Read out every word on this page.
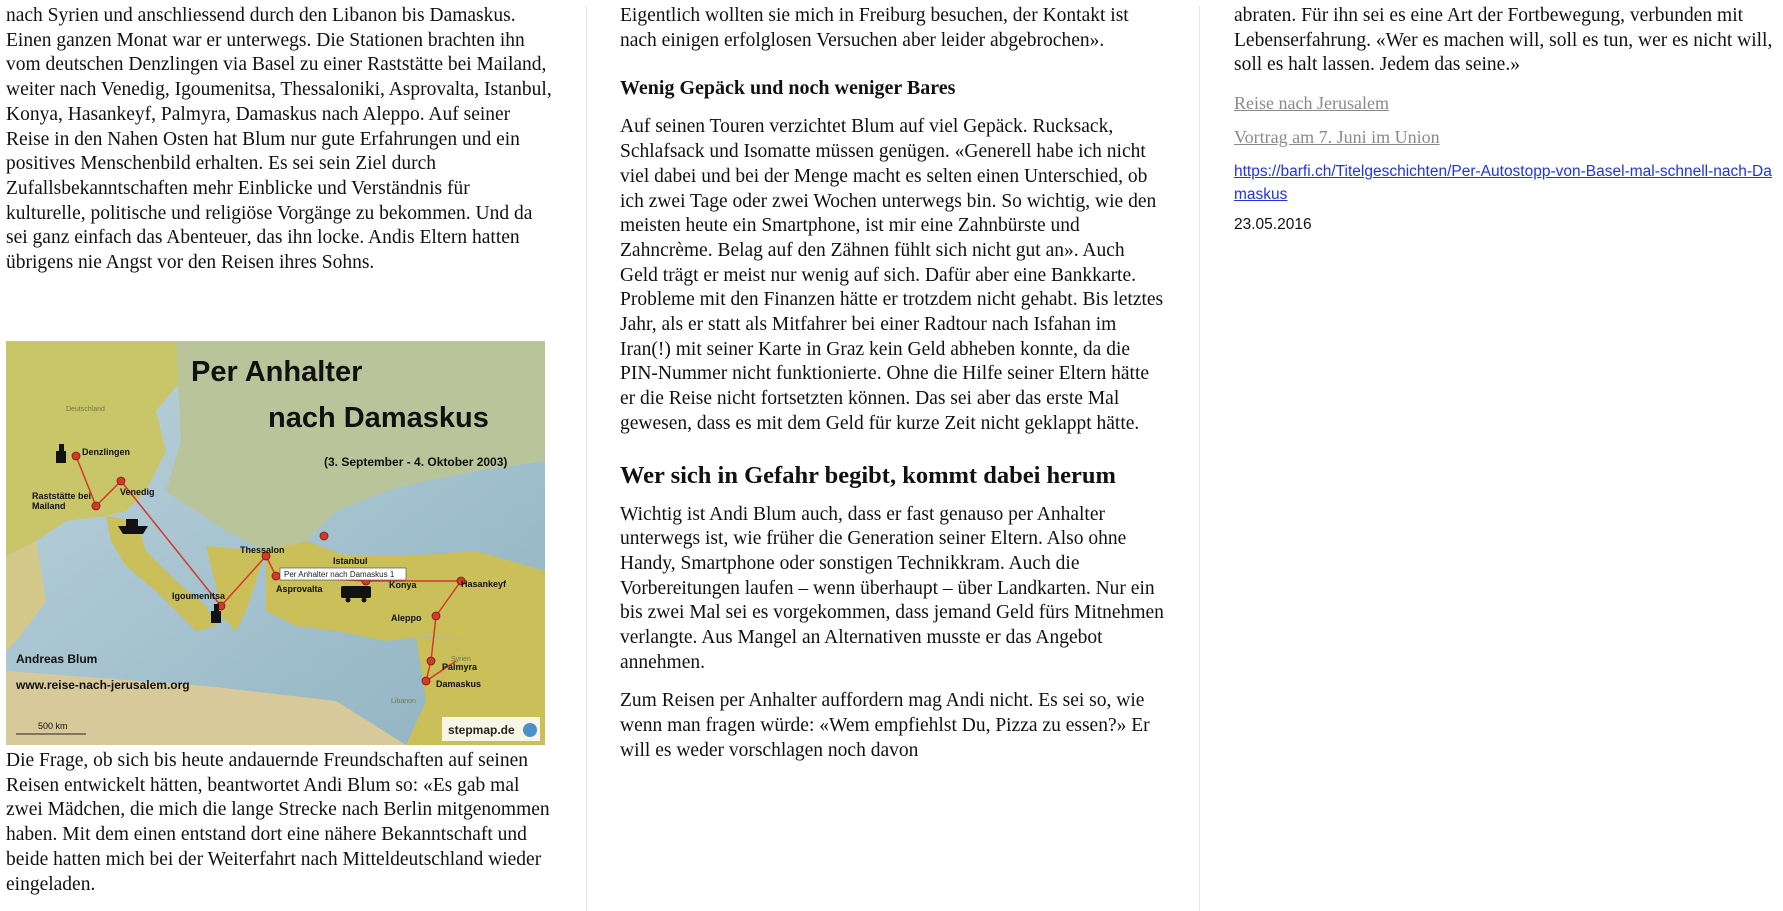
nach Syrien und anschliessend durch den Libanon bis Damaskus. Einen ganzen Monat war er unterwegs. Die Stationen brachten ihn vom deutschen Denzlingen via Basel zu einer Raststätte bei Mailand, weiter nach Venedig, Igoumenitsa, Thessaloniki, Asprovalta, Istanbul, Konya, Hasankeyf, Palmyra, Damaskus nach Aleppo. Auf seiner Reise in den Nahen Osten hat Blum nur gute Erfahrungen und ein positives Menschenbild erhalten. Es sei sein Ziel durch Zufallsbekanntschaften mehr Einblicke und Verständnis für kulturelle, politische und religiöse Vorgänge zu bekommen. Und da sei ganz einfach das Abenteuer, das ihn locke. Andis Eltern hatten übrigens nie Angst vor den Reisen ihres Sohns.

Per Anhalter nach Damaskus 1
Per Anhalter
nach Damaskus
(3. September - 4. Oktober 2003)
Deutschland
Syrien
Libanon
Denzlingen
Raststätte bei
Mailand
Venedig
Thessalon
Asprovalta
Istanbul
Igoumenitsa
Konya	Hasankeyf
Aleppo
Palmyra
Damaskus
Andreas Blum
www.reise-nach-jerusalem.org
500 km	stepmap.de

Die Frage, ob sich bis heute andauernde Freundschaften auf seinen Reisen entwickelt hätten, beantwortet Andi Blum so: «Es gab mal zwei Mädchen, die mich die lange Strecke nach Berlin mitgenommen haben. Mit dem einen entstand dort eine nähere Bekanntschaft und beide hatten mich bei der Weiterfahrt nach Mitteldeutschland wieder eingeladen.

Eigentlich wollten sie mich in Freiburg besuchen, der Kontakt ist nach einigen erfolglosen Versuchen aber leider abgebrochen».

Wenig Gepäck und noch weniger Bares

Auf seinen Touren verzichtet Blum auf viel Gepäck. Rucksack, Schlafsack und Isomatte müssen genügen. «Generell habe ich nicht viel dabei und bei der Menge macht es selten einen Unterschied, ob ich zwei Tage oder zwei Wochen unterwegs bin. So wichtig, wie den meisten heute ein Smartphone, ist mir eine Zahnbürste und Zahncrème. Belag auf den Zähnen fühlt sich nicht gut an». Auch Geld trägt er meist nur wenig auf sich. Dafür aber eine Bankkarte. Probleme mit den Finanzen hätte er trotzdem nicht gehabt. Bis letztes Jahr, als er statt als Mitfahrer bei einer Radtour nach Isfahan im Iran(!) mit seiner Karte in Graz kein Geld abheben konnte, da die PIN-Nummer nicht funktionierte. Ohne die Hilfe seiner Eltern hätte er die Reise nicht fortsetzten können. Das sei aber das erste Mal gewesen, dass es mit dem Geld für kurze Zeit nicht geklappt hätte.

Wer sich in Gefahr begibt, kommt dabei herum

Wichtig ist Andi Blum auch, dass er fast genauso per Anhalter unterwegs ist, wie früher die Generation seiner Eltern. Also ohne Handy, Smartphone oder sonstigen Technikkram. Auch die Vorbereitungen laufen – wenn überhaupt – über Landkarten. Nur ein bis zwei Mal sei es vorgekommen, dass jemand Geld fürs Mitnehmen verlangte. Aus Mangel an Alternativen musste er das Angebot annehmen.

Zum Reisen per Anhalter auffordern mag Andi nicht. Es sei so, wie wenn man fragen würde: «Wem empfiehlst Du, Pizza zu essen?» Er will es weder vorschlagen noch davon

abraten. Für ihn sei es eine Art der Fortbewegung, verbunden mit Lebenserfahrung. «Wer es machen will, soll es tun, wer es nicht will, soll es halt lassen. Jedem das seine.»

Reise nach Jerusalem
Vortrag am 7. Juni im Union
https://barfi.ch/Titelgeschichten/Per-Autostopp-von-Basel-mal-schnell-nach-Damaskus
23.05.2016
